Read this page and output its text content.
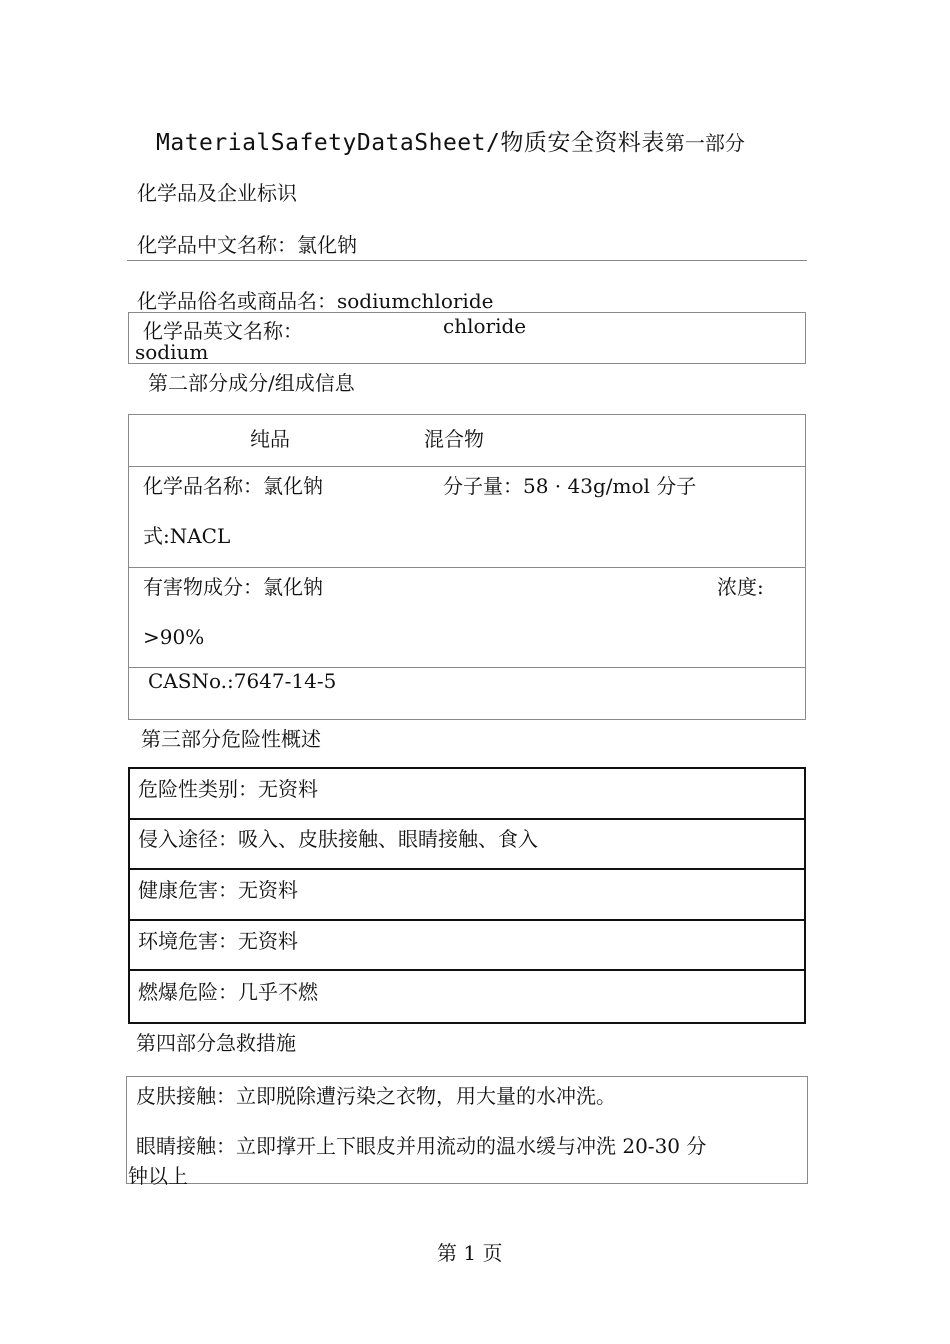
MaterialSafetyDataSheet/物质安全资料表第一部分
化学品及企业标识
化学品中文名称：氯化钠
化学品俗名或商品名：sodiumchloride
化学品英文名称：	chloride
sodium
第二部分成分/组成信息
纯品	混合物
化学品名称：氯化钠	分子量：58 · 43g/mol 分子
式:NACL
有害物成分：氯化钠	浓度:
>90%
CASNo.:7647-14-5
第三部分危险性概述
危险性类别：无资料
侵入途径：吸入、皮肤接触、眼睛接触、食入
健康危害：无资料
环境危害：无资料
燃爆危险：几乎不燃
第四部分急救措施
皮肤接触：立即脱除遭污染之衣物，用大量的水冲洗。
眼睛接触：立即撑开上下眼皮并用流动的温水缓与冲洗 20-30 分
钟以上
第 1 页
